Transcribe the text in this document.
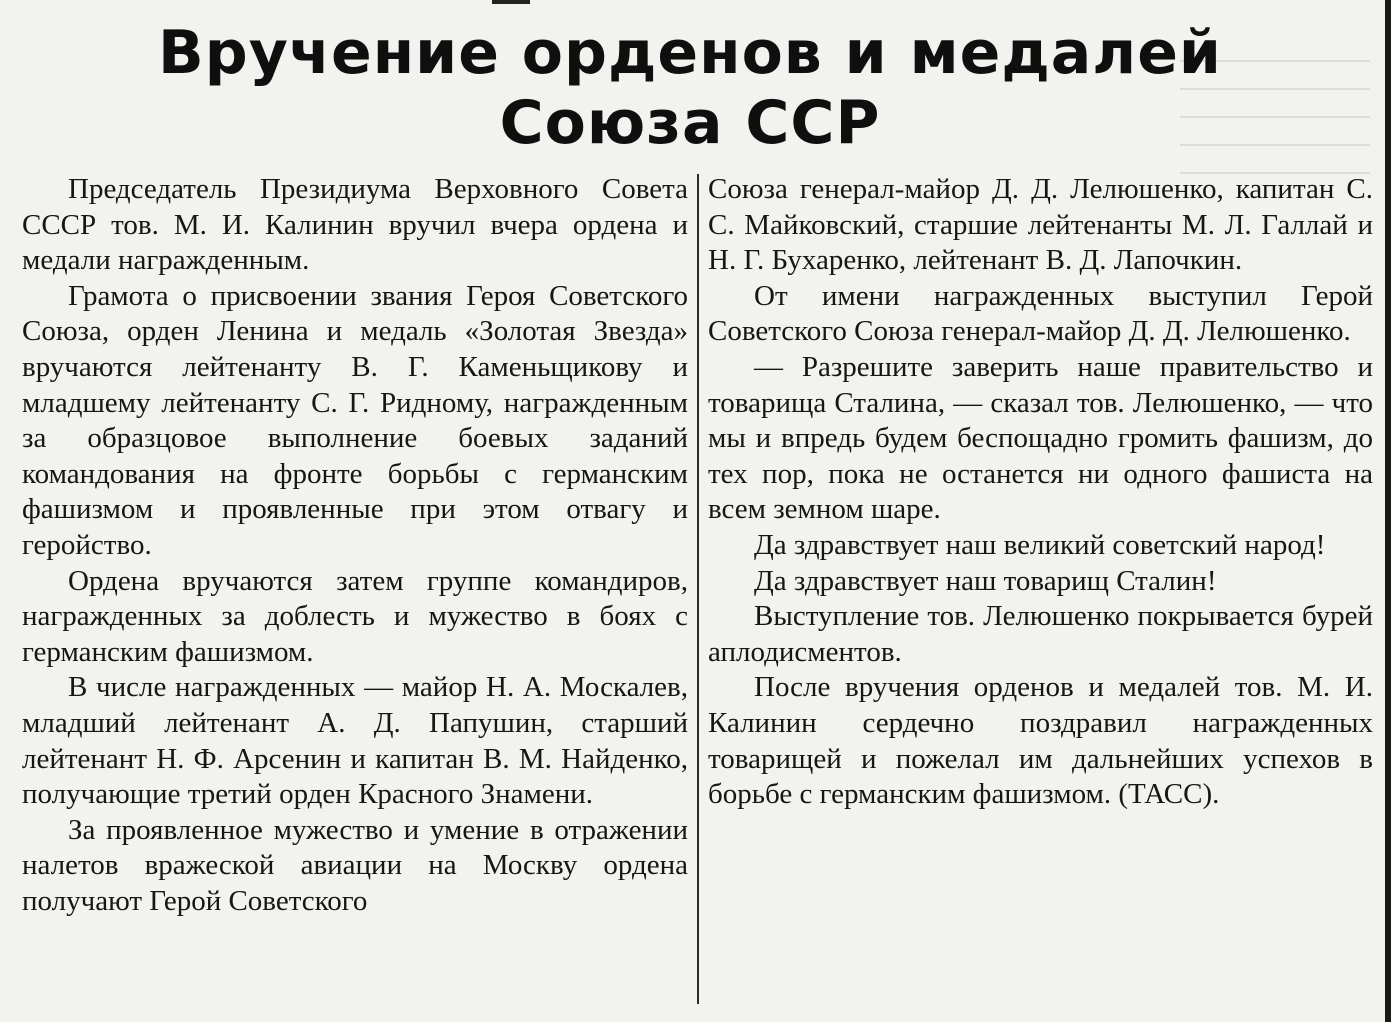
Вручение орденов и медалей
Союза ССР

Председатель Президиума Верховного Совета СССР тов. М. И. Калинин вручил вчера ордена и медали награжденным.

Грамота о присвоении звания Героя Советского Союза, орден Ленина и медаль «Золотая Звезда» вручаются лейтенанту В. Г. Каменьщикову и младшему лейтенанту С. Г. Ридному, награжденным за образцовое выполнение боевых заданий командования на фронте борьбы с германским фашизмом и проявленные при этом отвагу и геройство.

Ордена вручаются затем группе командиров, награжденных за доблесть и мужество в боях с германским фашизмом.

В числе награжденных — майор Н. А. Москалев, младший лейтенант А. Д. Папушин, старший лейтенант Н. Ф. Арсенин и капитан В. М. Найденко, получающие третий орден Красного Знамени.

За проявленное мужество и умение в отражении налетов вражеской авиации на Москву ордена получают Герой Советского

Союза генерал-майор Д. Д. Лелюшенко, капитан С. С. Майковский, старшие лейтенанты М. Л. Галлай и Н. Г. Бухаренко, лейтенант В. Д. Лапочкин.

От имени награжденных выступил Герой Советского Союза генерал-майор Д. Д. Лелюшенко.

— Разрешите заверить наше правительство и товарища Сталина, — сказал тов. Лелюшенко, — что мы и впредь будем беспощадно громить фашизм, до тех пор, пока не останется ни одного фашиста на всем земном шаре.

Да здравствует наш великий советский народ!

Да здравствует наш товарищ Сталин!

Выступление тов. Лелюшенко покрывается бурей аплодисментов.

После вручения орденов и медалей тов. М. И. Калинин сердечно поздравил награжденных товарищей и пожелал им дальнейших успехов в борьбе с германским фашизмом. (ТАСС).
